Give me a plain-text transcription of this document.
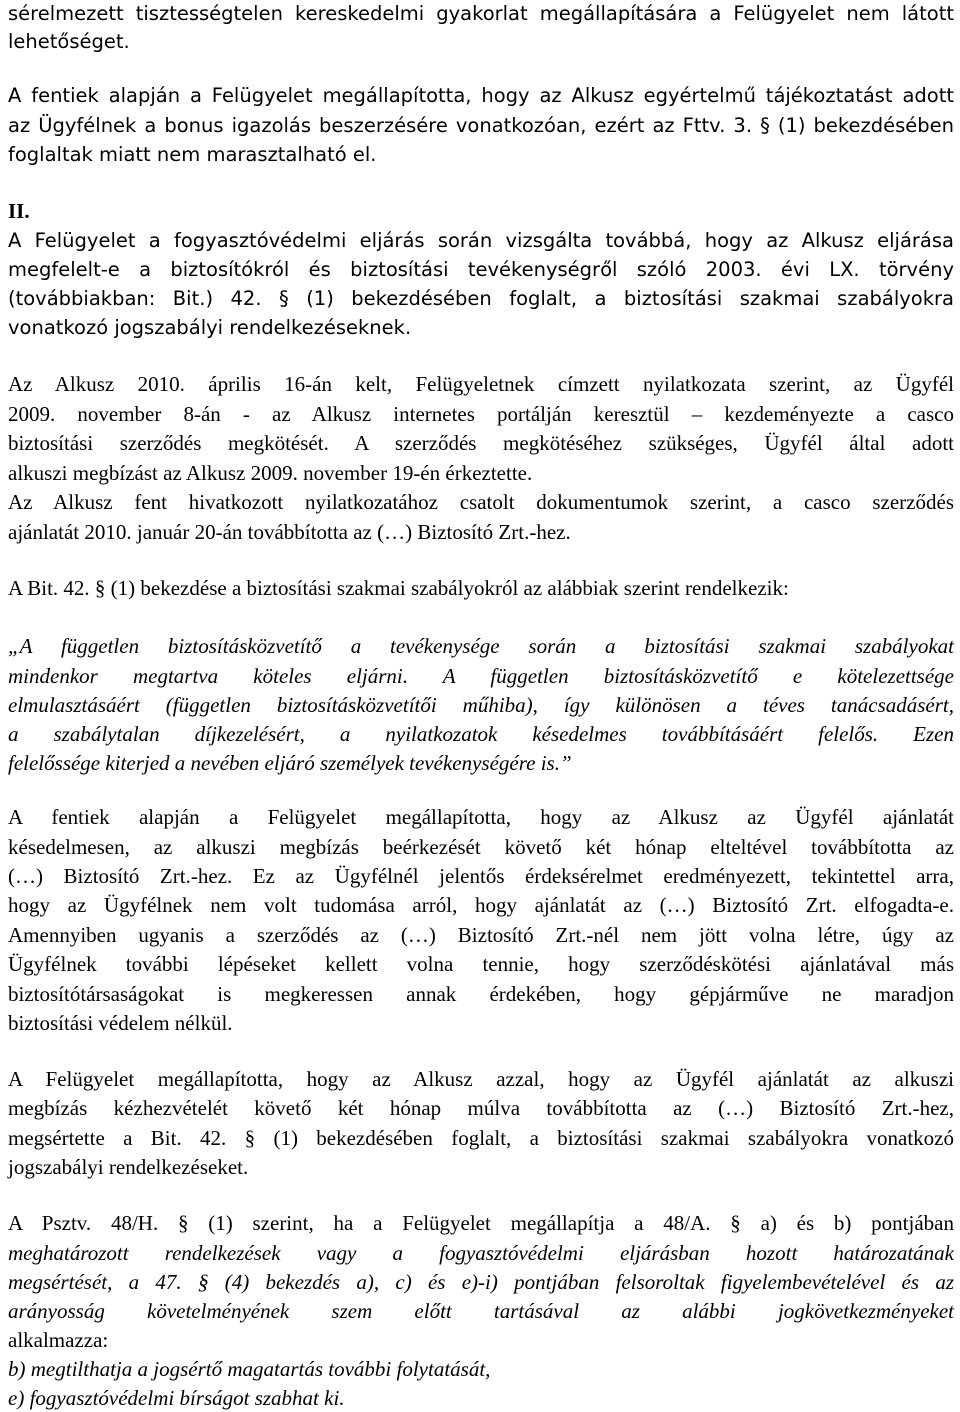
sérelmezett tisztességtelen kereskedelmi gyakorlat megállapítására a Felügyelet nem látott
lehetőséget.
A fentiek alapján a Felügyelet megállapította, hogy az Alkusz egyértelmű tájékoztatást adott
az Ügyfélnek a bonus igazolás beszerzésére vonatkozóan, ezért az Fttv. 3. § (1) bekezdésében
foglaltak miatt nem marasztalható el.
II.
A Felügyelet a fogyasztóvédelmi eljárás során vizsgálta továbbá, hogy az Alkusz eljárása
megfelelt-e a biztosítókról és biztosítási tevékenységről szóló 2003. évi LX. törvény
(továbbiakban: Bit.) 42. § (1) bekezdésében foglalt, a biztosítási szakmai szabályokra
vonatkozó jogszabályi rendelkezéseknek.
Az Alkusz 2010. április 16-án kelt, Felügyeletnek címzett nyilatkozata szerint, az Ügyfél
2009. november 8-án - az Alkusz internetes portálján keresztül – kezdeményezte a casco
biztosítási szerződés megkötését. A szerződés megkötéséhez szükséges, Ügyfél által adott
alkuszi megbízást az Alkusz 2009. november 19-én érkeztette.
Az Alkusz fent hivatkozott nyilatkozatához csatolt dokumentumok szerint, a casco szerződés
ajánlatát 2010. január 20-án továbbította az (…) Biztosító Zrt.-hez.
A Bit. 42. § (1) bekezdése a biztosítási szakmai szabályokról az alábbiak szerint rendelkezik:
„A független biztosításközvetítő a tevékenysége során a biztosítási szakmai szabályokat
mindenkor megtartva köteles eljárni. A független biztosításközvetítő e kötelezettsége
elmulasztásáért (független biztosításközvetítői műhiba), így különösen a téves tanácsadásért,
a szabálytalan díjkezelésért, a nyilatkozatok késedelmes továbbításáért felelős. Ezen
felelőssége kiterjed a nevében eljáró személyek tevékenységére is.”
A fentiek alapján a Felügyelet megállapította, hogy az Alkusz az Ügyfél ajánlatát
késedelmesen, az alkuszi megbízás beérkezését követő két hónap elteltével továbbította az
(…) Biztosító Zrt.-hez. Ez az Ügyfélnél jelentős érdeksérelmet eredményezett, tekintettel arra,
hogy az Ügyfélnek nem volt tudomása arról, hogy ajánlatát az (…) Biztosító Zrt. elfogadta-e.
Amennyiben ugyanis a szerződés az (…) Biztosító Zrt.-nél nem jött volna létre, úgy az
Ügyfélnek további lépéseket kellett volna tennie, hogy szerződéskötési ajánlatával más
biztosítótársaságokat is megkeressen annak érdekében, hogy gépjárműve ne maradjon
biztosítási védelem nélkül.
A Felügyelet megállapította, hogy az Alkusz azzal, hogy az Ügyfél ajánlatát az alkuszi
megbízás kézhezvételét követő két hónap múlva továbbította az (…) Biztosító Zrt.-hez,
megsértette a Bit. 42. § (1) bekezdésében foglalt, a biztosítási szakmai szabályokra vonatkozó
jogszabályi rendelkezéseket.
A Psztv. 48/H. § (1) szerint, ha a Felügyelet megállapítja a 48/A. § a) és b) pontjában
meghatározott rendelkezések vagy a fogyasztóvédelmi eljárásban hozott határozatának
megsértését, a 47. § (4) bekezdés a), c) és e)-i) pontjában felsoroltak figyelembevételével és az
arányosság követelményének szem előtt tartásával az alábbi jogkövetkezményeket
alkalmazza:
b) megtilthatja a jogsértő magatartás további folytatását,
e) fogyasztóvédelmi bírságot szabhat ki.
